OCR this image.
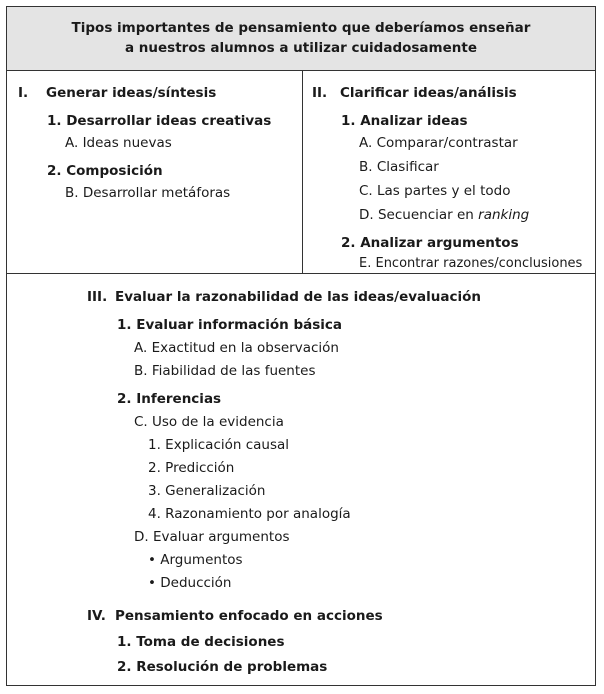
Tipos importantes de pensamiento que deberíamos enseñar
a nuestros alumnos a utilizar cuidadosamente
I. Generar ideas/síntesis
1. Desarrollar ideas creativas
A. Ideas nuevas
2. Composición
B. Desarrollar metáforas
II. Clarificar ideas/análisis
1. Analizar ideas
A. Comparar/contrastar
B. Clasificar
C. Las partes y el todo
D. Secuenciar en ranking
2. Analizar argumentos
E. Encontrar razones/conclusiones
III. Evaluar la razonabilidad de las ideas/evaluación
1. Evaluar información básica
A. Exactitud en la observación
B. Fiabilidad de las fuentes
2. Inferencias
C. Uso de la evidencia
1. Explicación causal
2. Predicción
3. Generalización
4. Razonamiento por analogía
D. Evaluar argumentos
• Argumentos
• Deducción
IV. Pensamiento enfocado en acciones
1. Toma de decisiones
2. Resolución de problemas
